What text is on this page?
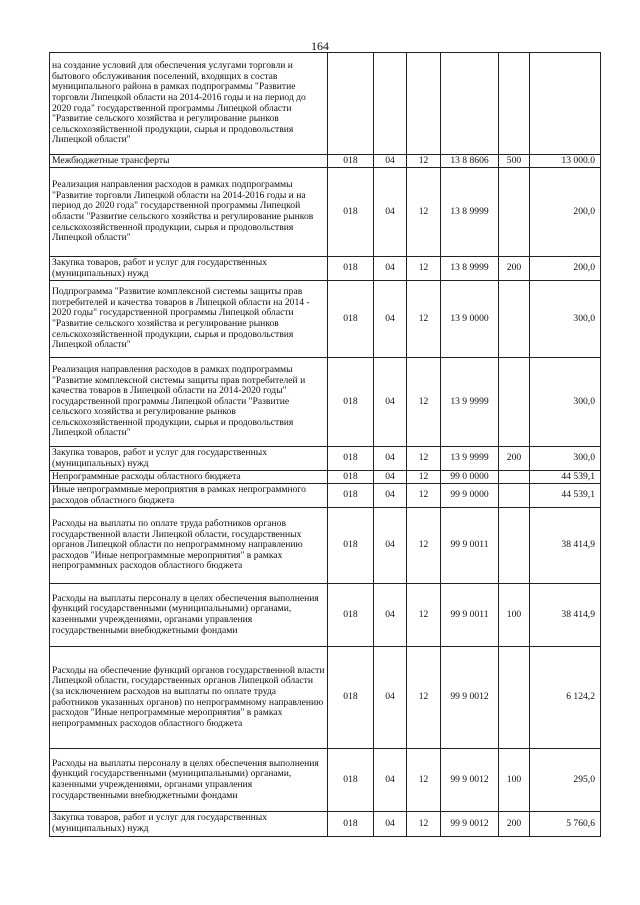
164
на создание условий для обеспечения услугами торговли и бытового обслуживания поселений, входящих в состав муниципального района в рамках подпрограммы "Развитие торговли Липецкой области на 2014-2016 годы и на период до 2020 года" государственной программы Липецкой области "Развитие сельского хозяйства и регулирование рынков сельскохозяйственной продукции, сырья и продовольствия Липецкой области"						
Межбюджетные трансферты	018	04	12	13 8 8606	500	13 000.0
Реализация направления расходов в рамках подпрограммы "Развитие торговли Липецкой области на 2014-2016 годы и на период до 2020 года" государственной программы Липецкой области "Развитие сельского хозяйства и регулирование рынков сельскохозяйственной продукции, сырья и продовольствия Липецкой области"	018	04	12	13 8 9999		200,0
Закупка товаров, работ и услуг для государственных (муниципальных) нужд	018	04	12	13 8 9999	200	200,0
Подпрограмма "Развитие комплексной системы защиты прав потребителей и качества товаров в Липецкой области на 2014 - 2020 годы" государственной программы Липецкой области "Развитие сельского хозяйства и регулирование рынков сельскохозяйственной продукции, сырья и продовольствия Липецкой области"	018	04	12	13 9 0000		300,0
Реализация направления расходов в рамках подпрограммы "Развитие комплексной системы защиты прав потребителей и качества товаров в Липецкой области на 2014-2020 годы" государственной программы Липецкой области "Развитие сельского хозяйства и регулирование рынков сельскохозяйственной продукции, сырья и продовольствия Липецкой области"	018	04	12	13 9 9999		300,0
Закупка товаров, работ и услуг для государственных (муниципальных) нужд	018	04	12	13 9 9999	200	300,0
Непрограммные расходы областного бюджета	018	04	12	99 0 0000		44 539,1
Иные непрограммные мероприятия в рамках непрограммного расходов областного бюджета	018	04	12	99 9 0000		44 539,1
Расходы на выплаты по оплате труда работников органов государственной власти Липецкой области, государственных органов Липецкой области по непрограммному направлению расходов "Иные непрограммные мероприятия" в рамках непрограммных расходов областного бюджета	018	04	12	99 9 0011		38 414,9
Расходы на выплаты персоналу в целях обеспечения выполнения функций государственными (муниципальными) органами, казенными учреждениями, органами управления государственными внебюджетными фондами	018	04	12	99 9 0011	100	38 414,9
Расходы на обеспечение функций органов государственной власти Липецкой области, государственных органов Липецкой области (за исключением расходов на выплаты по оплате труда работников указанных органов) по непрограммному направлению расходов "Иные непрограммные мероприятия" в рамках непрограммных расходов областного бюджета	018	04	12	99 9 0012		6 124,2
Расходы на выплаты персоналу в целях обеспечения выполнения функций государственными (муниципальными) органами, казенными учреждениями, органами управления государственными внебюджетными фондами	018	04	12	99 9 0012	100	295,0
Закупка товаров, работ и услуг для государственных (муниципальных) нужд	018	04	12	99 9 0012	200	5 760,6
